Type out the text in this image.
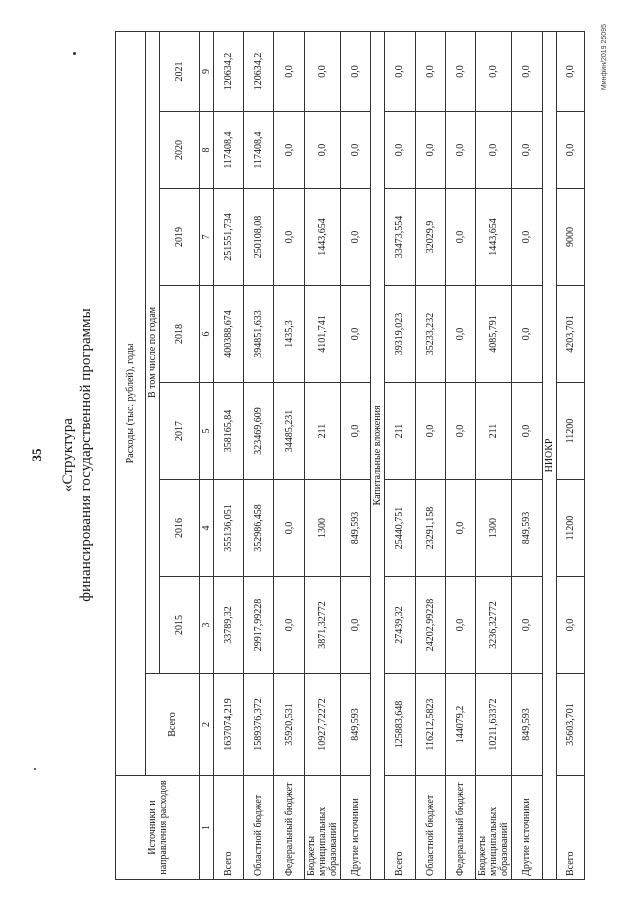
35 «Структура финансирования государственной программы
Источники и направления расходов	Расходы (тыс. рублей), годы							
	Всего	В том числе по годам						
		2015	2016	2017	2018	2019	2020	2021
1	2	3	4	5	6	7	8	9
Всего	1637074,219	33789,32	355136,051	358165,84	400388,674	251551,734	117408,4	120634,2
Областной бюджет	1589376,372	29917,99228	352986,458	323469,609	394851,633	250108,08	117408,4	120634,2
Федеральный бюджет	35920,531	0,0	0,0	34485,231	1435,3	0,0	0,0	0,0
Бюджеты муниципальных образований	10927,72272	3871,32772	1300	211	4101,741	1443,654	0,0	0,0
Другие источники	849,593	0,0	849,593	0,0	0,0	0,0	0,0	0,0
Капитальные вложения								
Всего	125883,648	27439,32	25440,751	211	39319,023	33473,554	0,0	0,0
Областной бюджет	116212,5823	24202,99228	23291,158	0,0	35233,232	32029,9	0,0	0,0
Федеральный бюджет	144079,2	0,0	0,0	0,0	0,0	0,0	0,0	0,0
Бюджеты муниципальных образований	10211,63372	3236,32772	1300	211	4085,791	1443,654	0,0	0,0
Другие источники	849,593	0,0	849,593	0,0	0,0	0,0	0,0	0,0
НИОКР								
Всего	35603,701	0,0	11200	11200	4203,701	9000	0,0	0,0	Минфин/2019 25095
